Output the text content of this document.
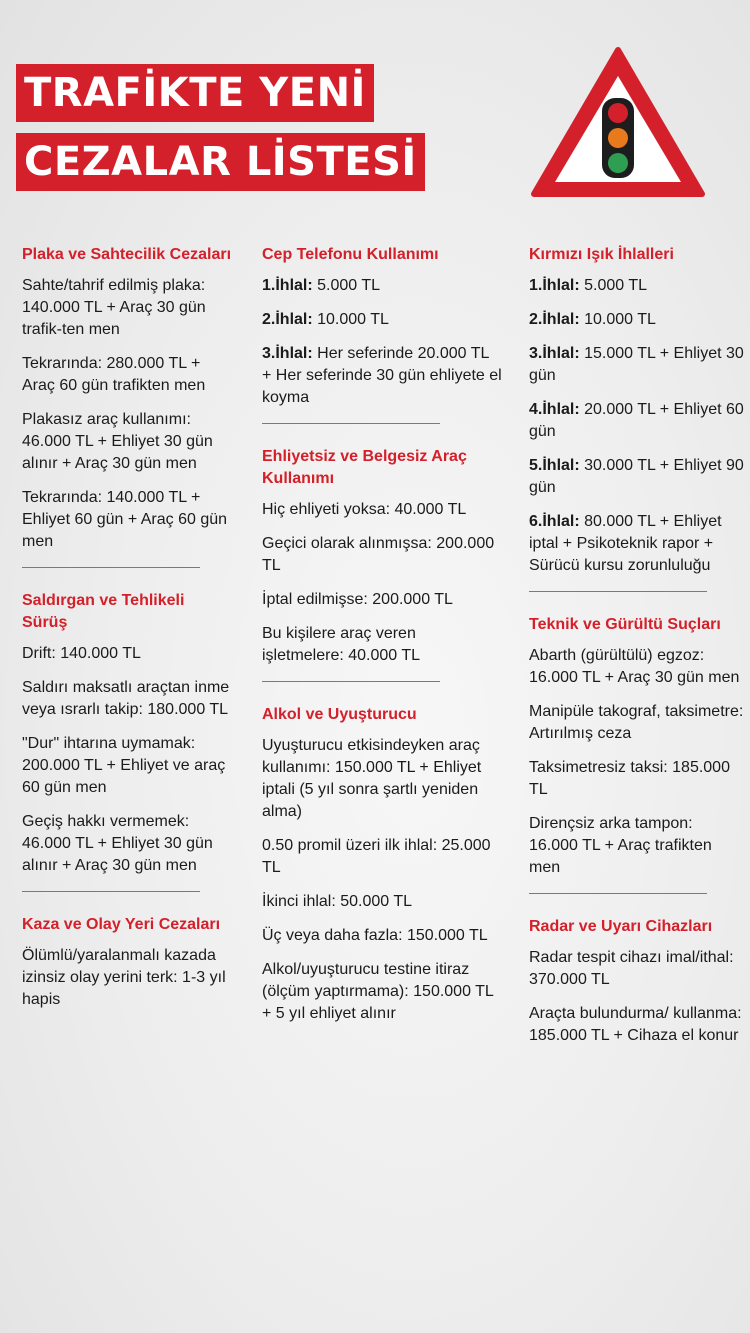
TRAFİKTE YENİ
CEZALAR LİSTESİ
Plaka ve Sahtecilik Cezaları
Sahte/tahrif edilmiş plaka: 140.000 TL + Araç 30 gün trafik-ten men
Tekrarında: 280.000 TL + Araç 60 gün trafikten men
Plakasız araç kullanımı: 46.000 TL + Ehliyet 30 gün alınır + Araç 30 gün men
Tekrarında: 140.000 TL + Ehliyet 60 gün + Araç 60 gün men
Saldırgan ve Tehlikeli Sürüş
Drift: 140.000 TL
Saldırı maksatlı araçtan inme veya ısrarlı takip: 180.000 TL
"Dur" ihtarına uymamak: 200.000 TL + Ehliyet ve araç 60 gün men
Geçiş hakkı vermemek: 46.000 TL + Ehliyet 30 gün alınır + Araç 30 gün men
Kaza ve Olay Yeri Cezaları
Ölümlü/yaralanmalı kazada izinsiz olay yerini terk: 1-3 yıl hapis
Cep Telefonu Kullanımı
1.İhlal: 5.000 TL
2.İhlal: 10.000 TL
3.İhlal: Her seferinde 20.000 TL + Her seferinde 30 gün ehliyete el koyma
Ehliyetsiz ve Belgesiz Araç Kullanımı
Hiç ehliyeti yoksa: 40.000 TL
Geçici olarak alınmışsa: 200.000 TL
İptal edilmişse: 200.000 TL
Bu kişilere araç veren işletmelere: 40.000 TL
Alkol ve Uyuşturucu
Uyuşturucu etkisindeyken araç kullanımı: 150.000 TL + Ehliyet iptali (5 yıl sonra şartlı yeniden alma)
0.50 promil üzeri ilk ihlal: 25.000 TL
İkinci ihlal: 50.000 TL
Üç veya daha fazla: 150.000 TL
Alkol/uyuşturucu testine itiraz (ölçüm yaptırmama): 150.000 TL + 5 yıl ehliyet alınır
Kırmızı Işık İhlalleri
1.İhlal: 5.000 TL
2.İhlal: 10.000 TL
3.İhlal: 15.000 TL + Ehliyet 30 gün
4.İhlal: 20.000 TL + Ehliyet 60 gün
5.İhlal: 30.000 TL + Ehliyet 90 gün
6.İhlal: 80.000 TL + Ehliyet iptal + Psikoteknik rapor + Sürücü kursu zorunluluğu
Teknik ve Gürültü Suçları
Abarth (gürültülü) egzoz: 16.000 TL + Araç 30 gün men
Manipüle takograf, taksimetre: Artırılmış ceza
Taksimetresiz taksi: 185.000 TL
Dirençsiz arka tampon: 16.000 TL + Araç trafikten men
Radar ve Uyarı Cihazları
Radar tespit cihazı imal/ithal: 370.000 TL
Araçta bulundurma/ kullanma: 185.000 TL + Cihaza el konur
